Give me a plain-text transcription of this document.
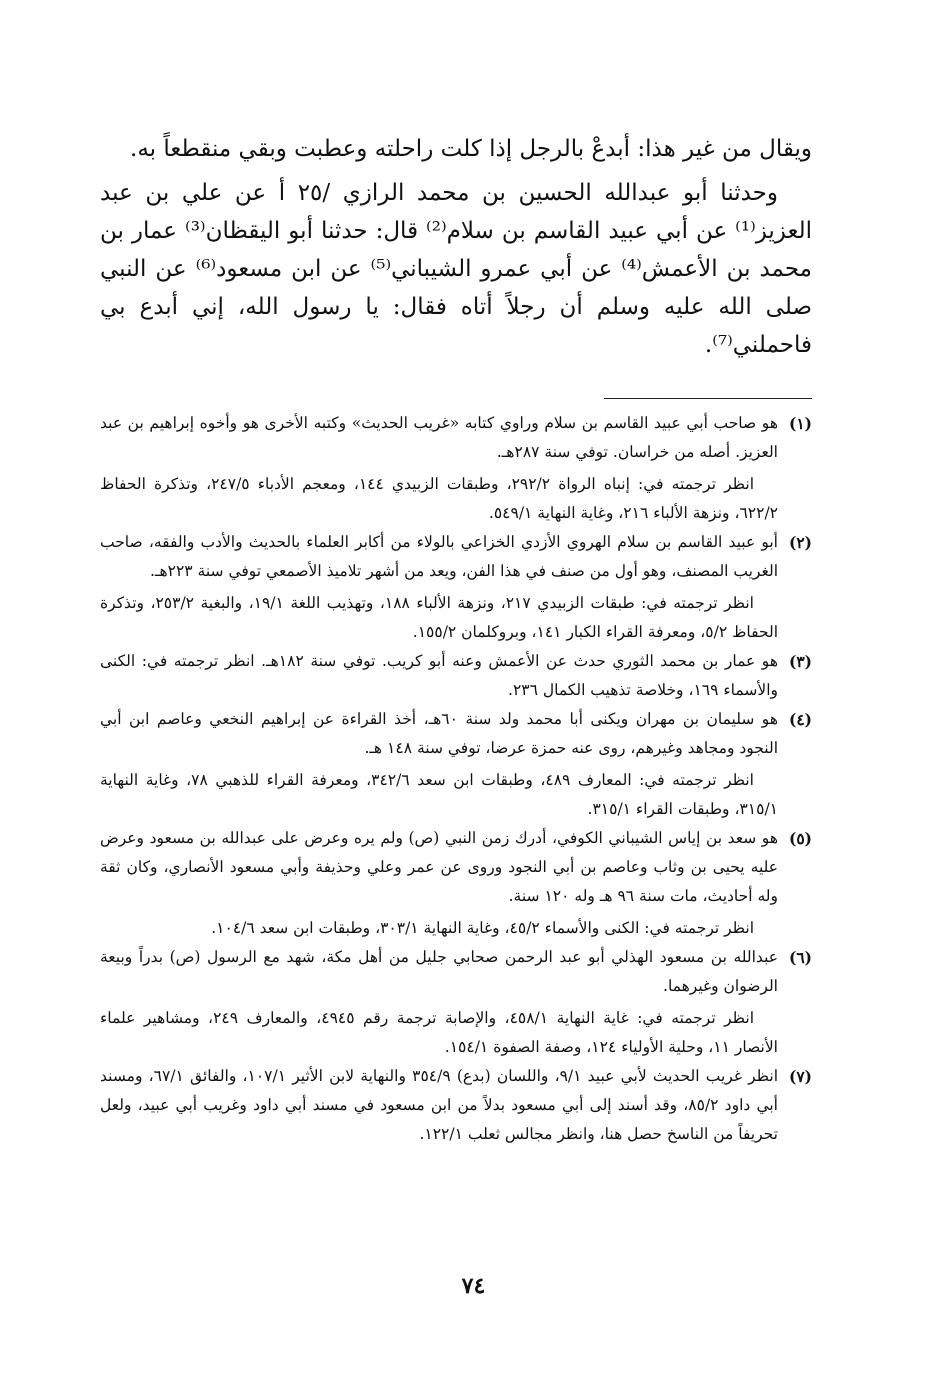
ويقال من غير هذا: أبدعْ بالرجل إذا كلت راحلته وعطبت وبقي منقطعاً به.

وحدثنا أبو عبدالله الحسين بن محمد الرازي /٢٥ أ عن علي بن عبد العزيز⁽¹⁾ عن أبي عبيد القاسم بن سلام⁽²⁾ قال: حدثنا أبو اليقظان⁽³⁾ عمار بن محمد بن الأعمش⁽⁴⁾ عن أبي عمرو الشيباني⁽⁵⁾ عن ابن مسعود⁽⁶⁾ عن النبي صلى الله عليه وسلم أن رجلاً أتاه فقال: يا رسول الله، إني أبدع بي فاحملني⁽⁷⁾.

(١)
هو صاحب أبي عبيد القاسم بن سلام وراوي كتابه «غريب الحديث» وكتبه الأخرى هو وأخوه إبراهيم بن عبد العزيز. أصله من خراسان. توفي سنة ٢٨٧هـ.

انظر ترجمته في: إنباه الرواة ٢٩٢/٢، وطبقات الزبيدي ١٤٤، ومعجم الأدباء ٢٤٧/٥، وتذكرة الحفاظ ٦٢٢/٢، ونزهة الألباء ٢١٦، وغاية النهاية ٥٤٩/١.

(٢)
أبو عبيد القاسم بن سلام الهروي الأزدي الخزاعي بالولاء من أكابر العلماء بالحديث والأدب والفقه، صاحب الغريب المصنف، وهو أول من صنف في هذا الفن، ويعد من أشهر تلاميذ الأصمعي توفي سنة ٢٢٣هـ.

انظر ترجمته في: طبقات الزبيدي ٢١٧، ونزهة الألباء ١٨٨، وتهذيب اللغة ١٩/١، والبغية ٢٥٣/٢، وتذكرة الحفاظ ٥/٢، ومعرفة القراء الكبار ١٤١، وبروكلمان ١٥٥/٢.

(٣)
هو عمار بن محمد الثوري حدث عن الأعمش وعنه أبو كريب. توفي سنة ١٨٢هـ. انظر ترجمته في: الكنى والأسماء ١٦٩، وخلاصة تذهيب الكمال ٢٣٦.

(٤)
هو سليمان بن مهران ويكنى أبا محمد ولد سنة ٦٠هـ، أخذ القراءة عن إبراهيم النخعي وعاصم ابن أبي النجود ومجاهد وغيرهم، روى عنه حمزة عرضا، توفي سنة ١٤٨ هـ.

انظر ترجمته في: المعارف ٤٨٩، وطبقات ابن سعد ٣٤٢/٦، ومعرفة القراء للذهبي ٧٨، وغاية النهاية ٣١٥/١، وطبقات القراء ٣١٥/١.

(٥)
هو سعد بن إياس الشيباني الكوفي، أدرك زمن النبي (ص) ولم يره وعرض على عبدالله بن مسعود وعرض عليه يحيى بن وثاب وعاصم بن أبي النجود وروى عن عمر وعلي وحذيفة وأبي مسعود الأنصاري، وكان ثقة وله أحاديث، مات سنة ٩٦ هـ وله ١٢٠ سنة.

انظر ترجمته في: الكنى والأسماء ٤٥/٢، وغاية النهاية ٣٠٣/١، وطبقات ابن سعد ١٠٤/٦.

(٦)
عبدالله بن مسعود الهذلي أبو عبد الرحمن صحابي جليل من أهل مكة، شهد مع الرسول (ص) بدراً وبيعة الرضوان وغيرهما.

انظر ترجمته في: غاية النهاية ٤٥٨/١، والإصابة ترجمة رقم ٤٩٤٥، والمعارف ٢٤٩، ومشاهير علماء الأنصار ١١، وحلية الأولياء ١٢٤، وصفة الصفوة ١٥٤/١.

(٧)
انظر غريب الحديث لأبي عبيد ٩/١، واللسان (بدع) ٣٥٤/٩ والنهاية لابن الأثير ١٠٧/١، والفائق ٦٧/١، ومسند أبي داود ٨٥/٢، وقد أسند إلى أبي مسعود بدلاً من ابن مسعود في مسند أبي داود وغريب أبي عبيد، ولعل تحريفاً من الناسخ حصل هنا، وانظر مجالس ثعلب ١٢٢/١.

٧٤
